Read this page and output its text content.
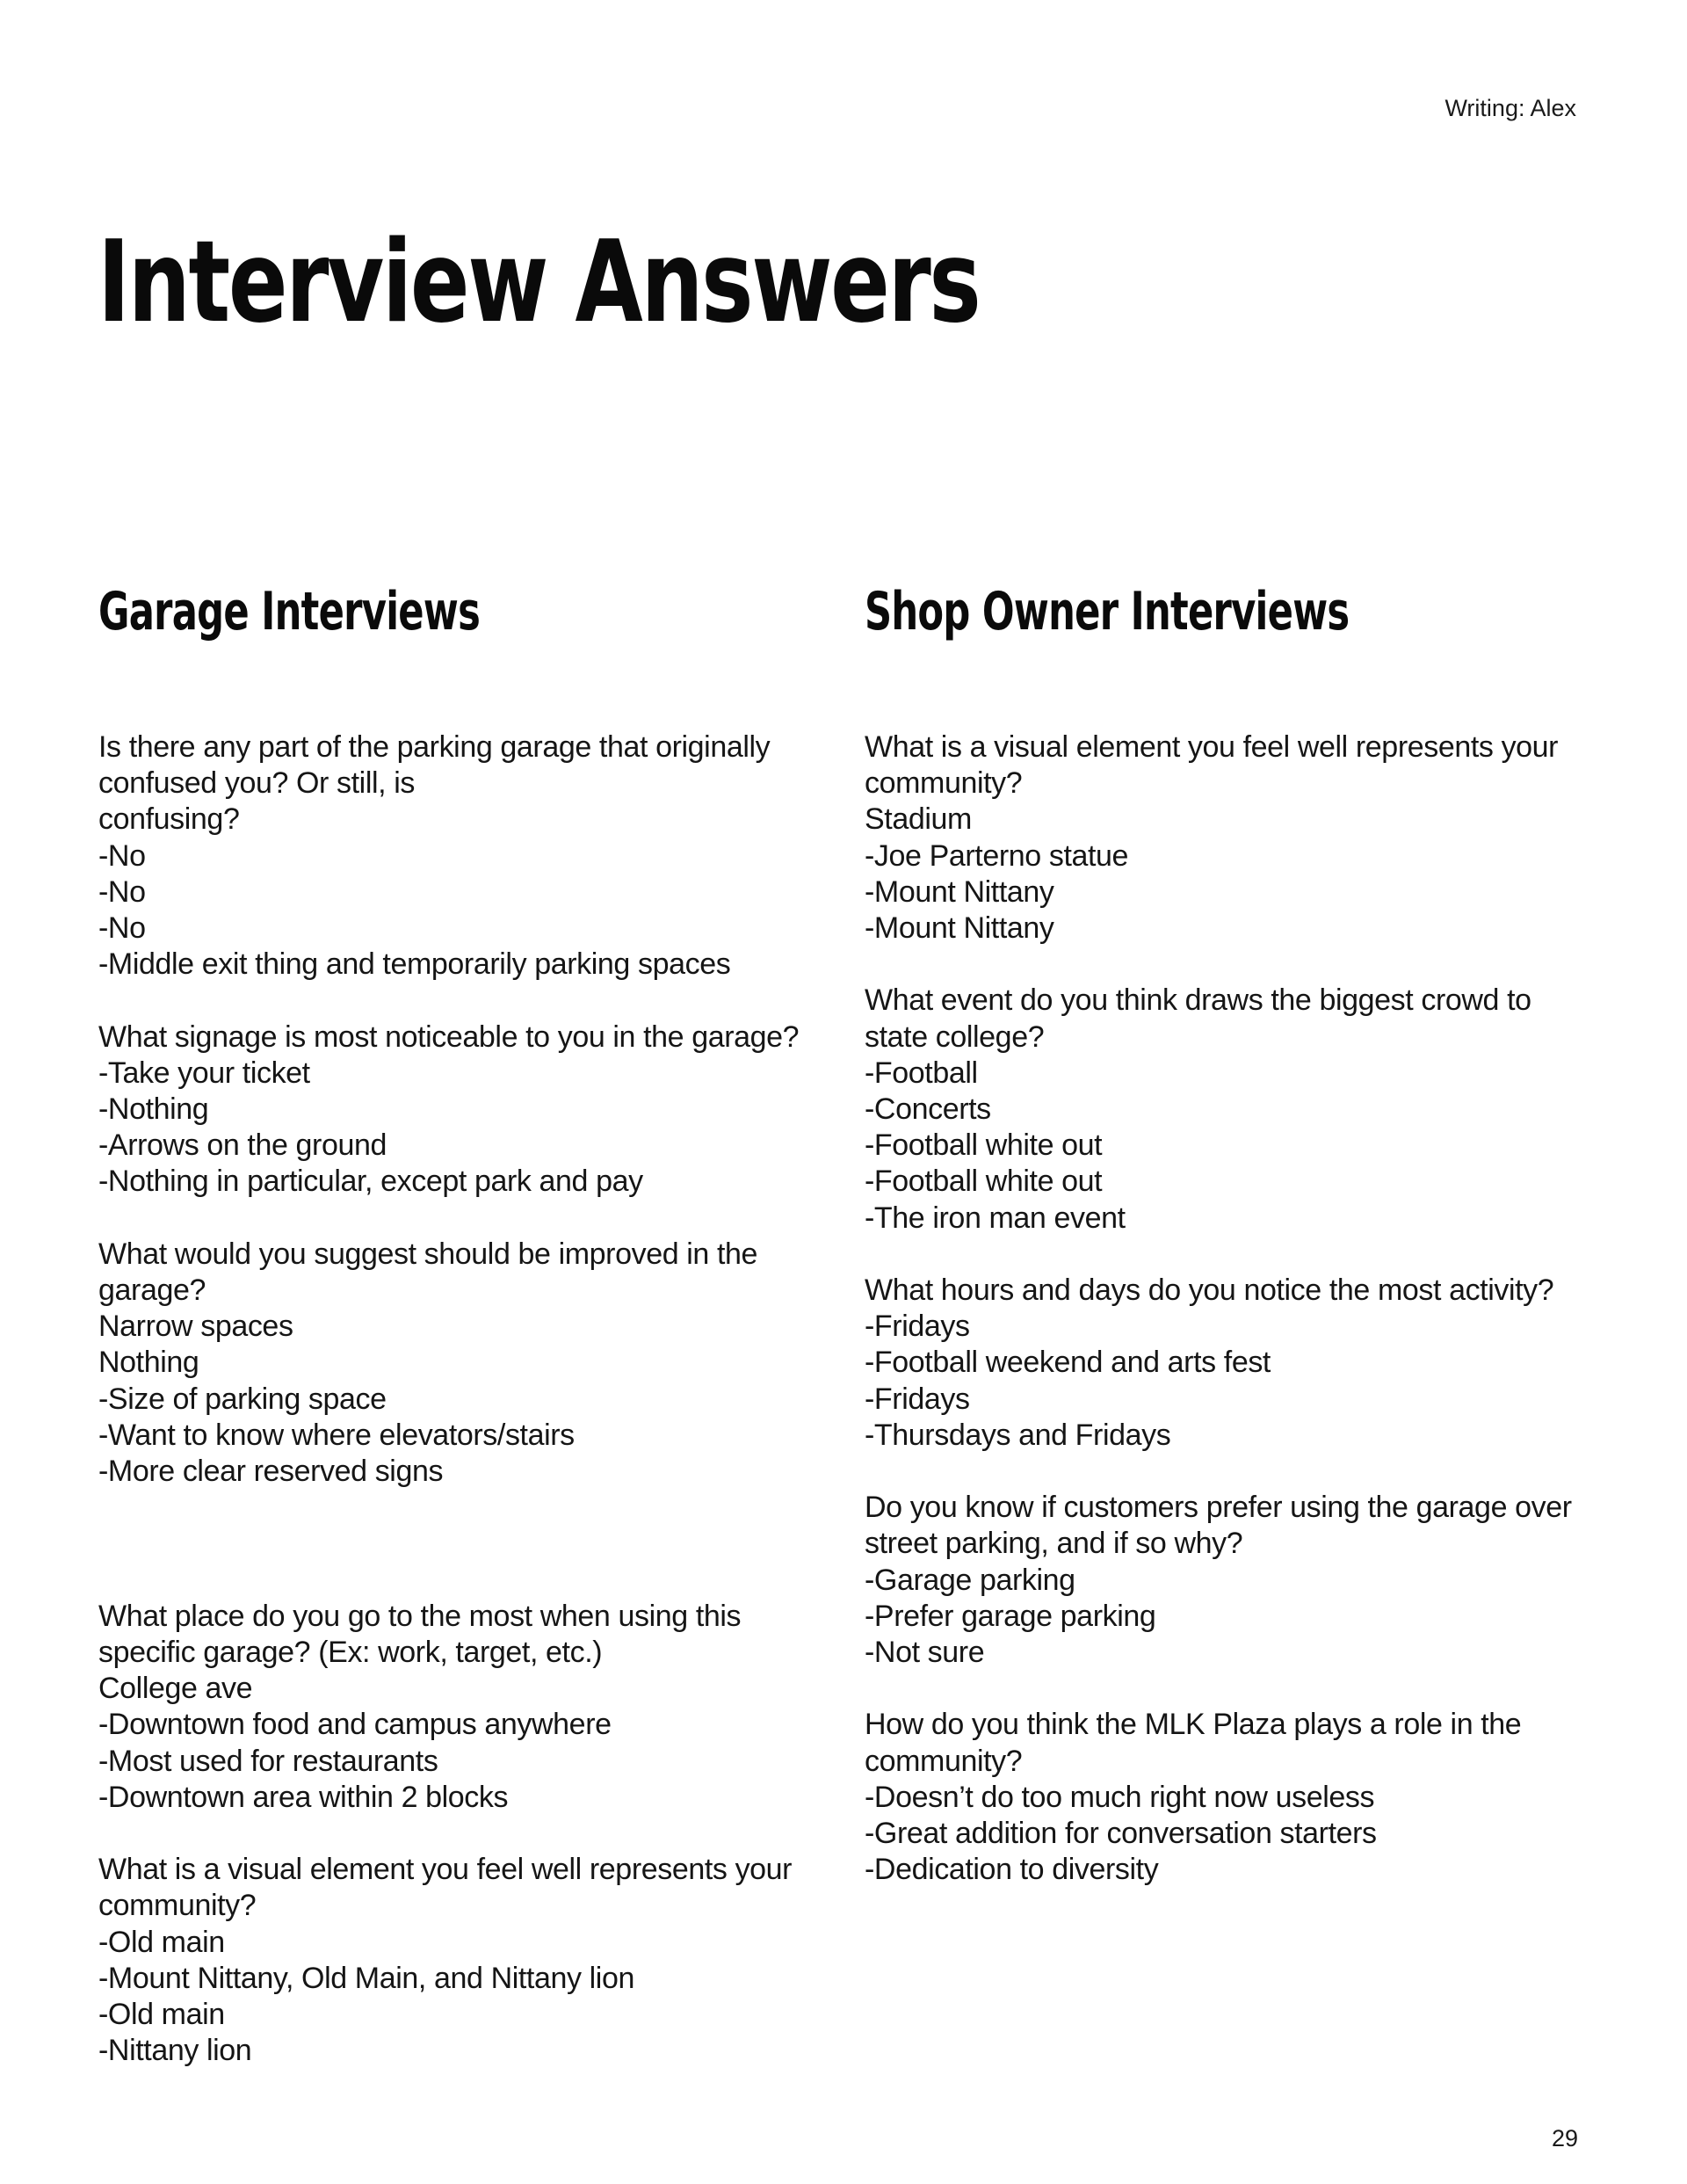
Writing: Alex
Interview Answers
Garage Interviews
Is there any part of the parking garage that originally
confused you? Or still, is
confusing?
-No
-No
-No
-Middle exit thing and temporarily parking spaces
What signage is most noticeable to you in the garage?
-Take your ticket
-Nothing
-Arrows on the ground
-Nothing in particular, except park and pay
What would you suggest should be improved in the
garage?
Narrow spaces
Nothing
-Size of parking space
-Want to know where elevators/stairs
-More clear reserved signs
What place do you go to the most when using this
specific garage? (Ex: work, target, etc.)
College ave
-Downtown food and campus anywhere
-Most used for restaurants
-Downtown area within 2 blocks
What is a visual element you feel well represents your
community?
-Old main
-Mount Nittany, Old Main, and Nittany lion
-Old main
-Nittany lion
Shop Owner Interviews
What is a visual element you feel well represents your
community?
Stadium
-Joe Parterno statue
-Mount Nittany
-Mount Nittany
What event do you think draws the biggest crowd to
state college?
-Football
-Concerts
-Football white out
-Football white out
-The iron man event
What hours and days do you notice the most activity?
-Fridays
-Football weekend and arts fest
-Fridays
-Thursdays and Fridays
Do you know if customers prefer using the garage over
street parking, and if so why?
-Garage parking
-Prefer garage parking
-Not sure
How do you think the MLK Plaza plays a role in the
community?
-Doesn’t do too much right now useless
-Great addition for conversation starters
-Dedication to diversity
29
